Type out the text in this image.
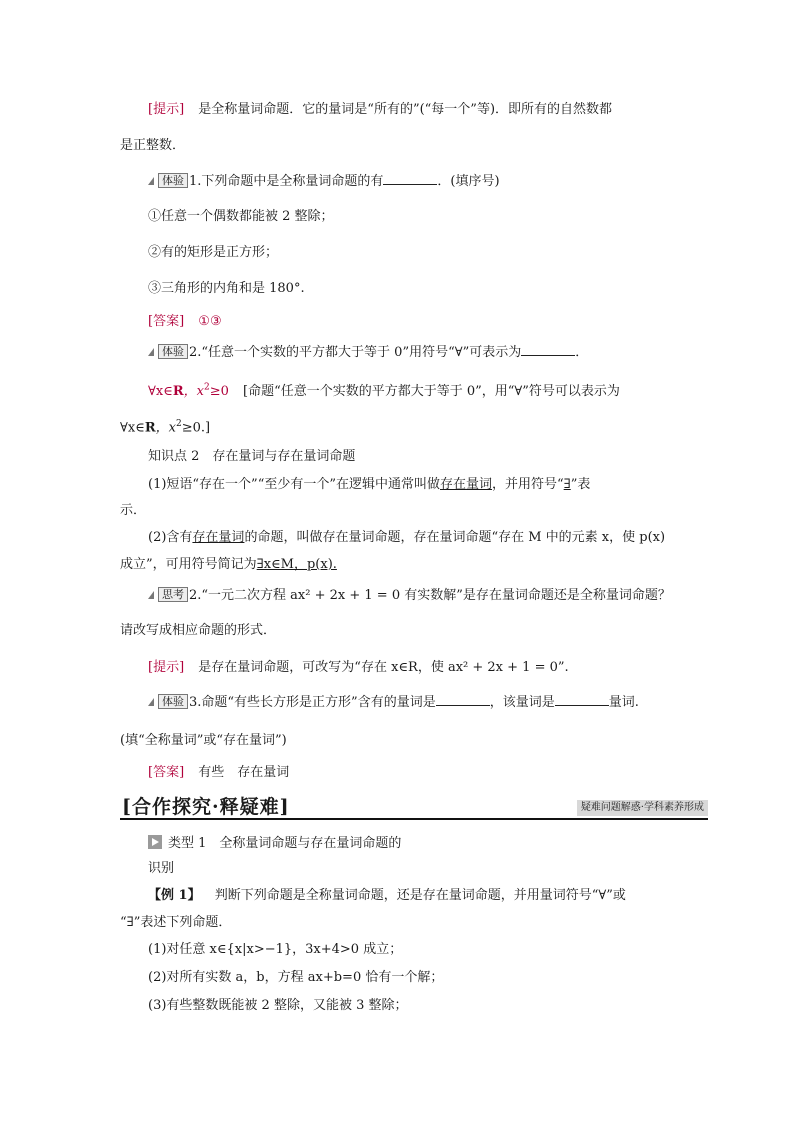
[提示] 是全称量词命题．它的量词是“所有的”(“每一个”等)．即所有的自然数都
是正整数．
体验 1.下列命题中是全称量词命题的有	．(填序号)
①任意一个偶数都能被 2 整除；
②有的矩形是正方形；
③三角形的内角和是 180°.
[答案] ①③
体验 2.“任意一个实数的平方都大于等于 0”用符号“∀”可表示为	．
∀x∈R，$x^2\ge 0$ [命题“任意一个实数的平方都大于等于 0”，用“∀”符号可以表示为
∀x∈R，$x^2\ge 0$.]
知识点 2　存在量词与存在量词命题
(1)短语“存在一个”“至少有一个”在逻辑中通常叫做存在量词，并用符号“∃”表
示．
(2)含有存在量词的命题，叫做存在量词命题，存在量词命题“存在 M 中的元素 x，使 p(x)
成立”，可用符号简记为∃x∈M，p(x).
思考 2.“一元二次方程 ax² + 2x + 1 = 0 有实数解”是存在量词命题还是全称量词命题？
请改写成相应命题的形式．
[提示] 是存在量词命题，可改写为“存在 x∈R，使 ax² + 2x + 1 = 0”.
体验 3.命题“有些长方形是正方形”含有的量词是	，该量词是	量词.
(填“全称量词”或“存在量词”)
[答案] 有些　存在量词
[合作探究·释疑难]	疑难问题解惑·学科素养形成
类型 1　全称量词命题与存在量词命题的
识别
【例 1】 判断下列命题是全称量词命题，还是存在量词命题，并用量词符号“∀”或
“∃”表述下列命题．
(1)对任意 x∈{x|x>−1}，3x+4>0 成立；
(2)对所有实数 a，b，方程 ax+b=0 恰有一个解；
(3)有些整数既能被 2 整除，又能被 3 整除；
